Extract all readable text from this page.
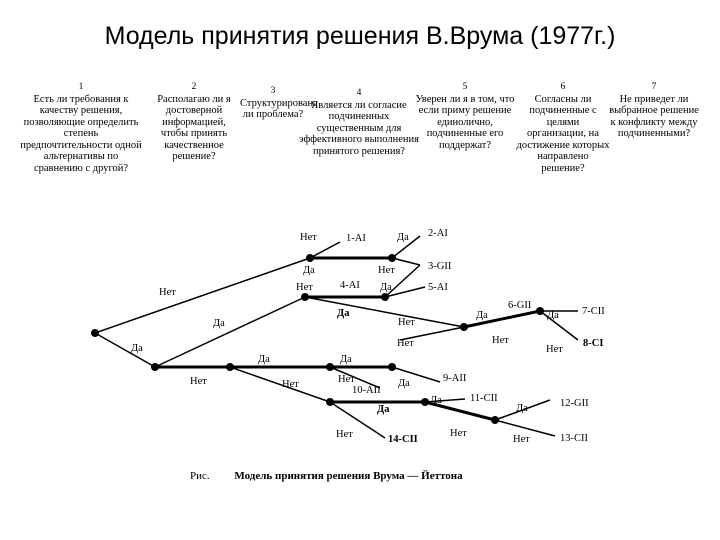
Модель принятия решения В.Врума (1977г.)
1
Есть ли требования к качеству решения, позволяющие определить степень предпочтительности одной альтернативы по сравнению с другой?
2
Располагаю ли я достоверной информацией, чтобы принять качественное решение?
3
Структурирована ли проблема?
4
Является ли согласие подчиненных существенным для эффективного выполнения принятого решения?
5
Уверен ли я в том, что если приму решение единолично, подчиненные его поддержат?
6
Согласны ли подчиненные с целями организации, на достижение которых направлено решение?
7
Не приведет ли выбранное решение к конфликту между подчиненными?
Нет
Да
Да
Нет
Нет	Нет	Да
Да
Да
Нет
Да
Нет	Нет
Да
Нет
Да
Да	Да
Нет	Нет	Нет	Да
Да
Да
Да
Нет	Нет
Нет
1-AI	2-AI
3-GII
4-AI	5-AI
6-GII
7-CII
8-CI
9-AII
10-AII
11-CII	12-GII
13-CII
14-CII
Рис. Модель принятия решения Врума — Йеттона
